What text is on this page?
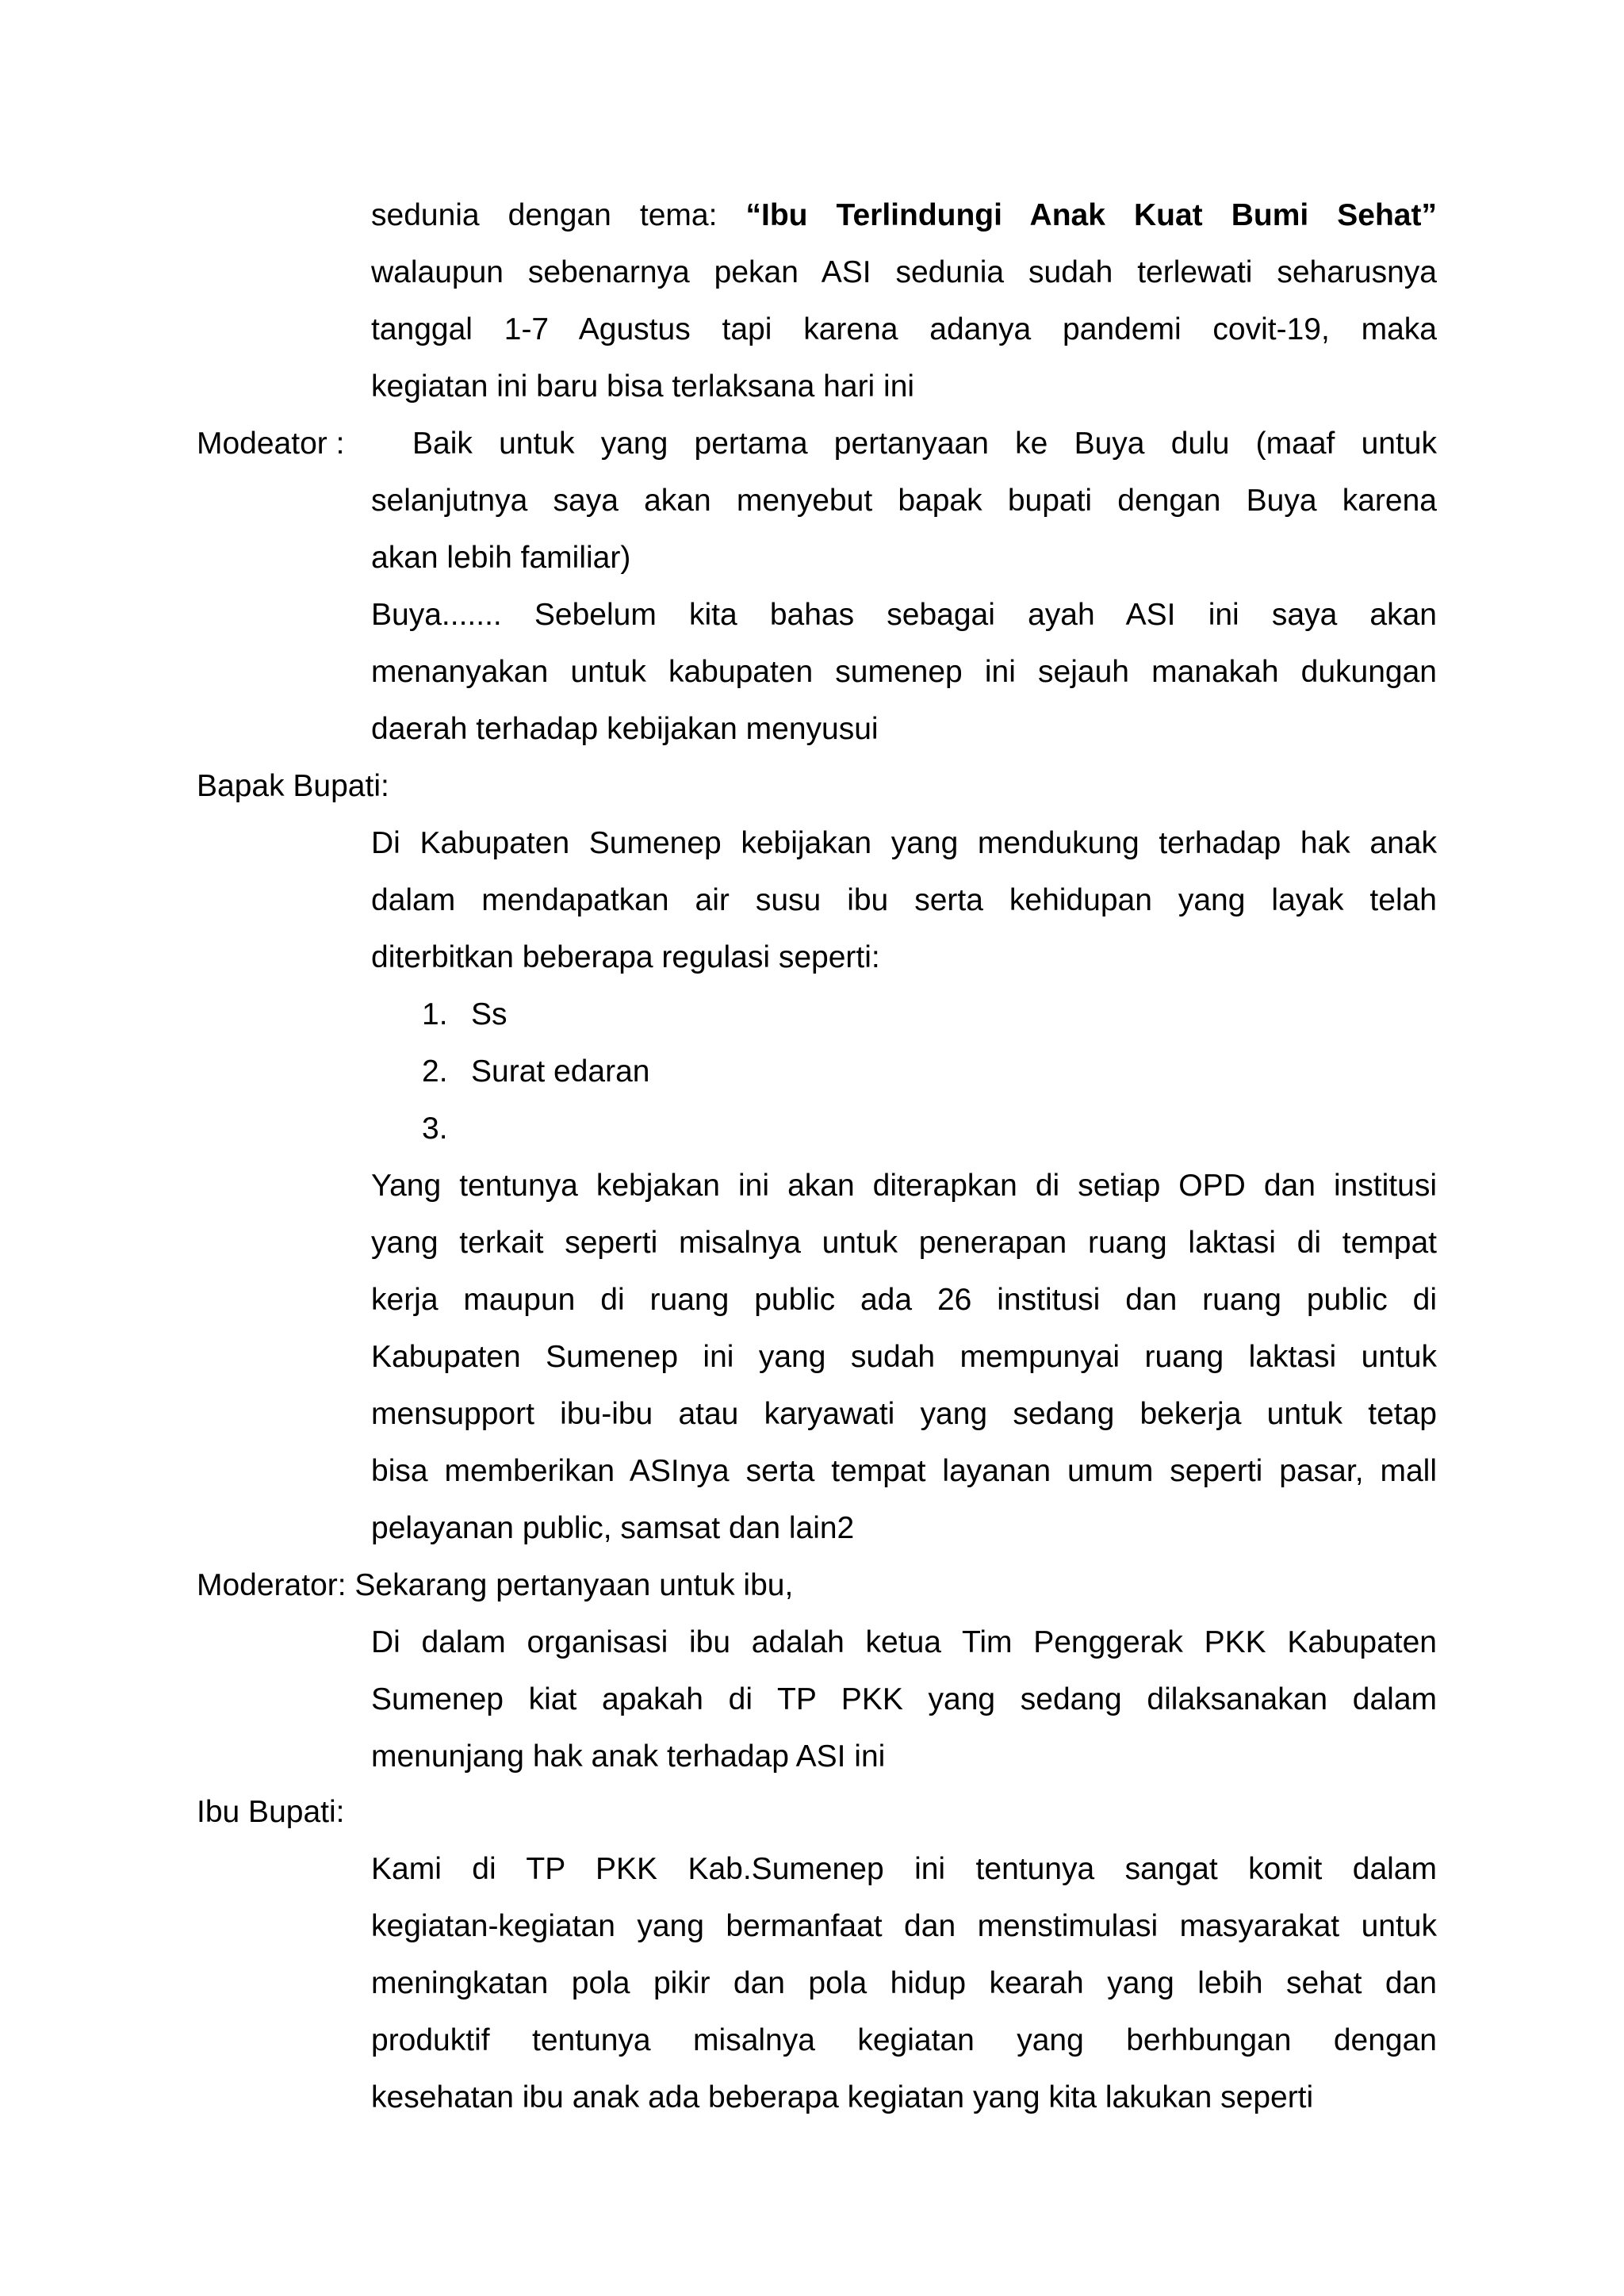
sedunia dengan tema: “Ibu Terlindungi Anak Kuat Bumi Sehat”
walaupun sebenarnya pekan ASI sedunia sudah terlewati seharusnya
tanggal 1-7 Agustus tapi karena adanya pandemi covit-19, maka
kegiatan ini baru bisa terlaksana hari ini
Modeator : Baik untuk yang pertama pertanyaan ke Buya dulu (maaf untuk
selanjutnya saya akan menyebut bapak bupati dengan Buya karena
akan lebih familiar)
Buya....... Sebelum kita bahas sebagai ayah ASI ini saya akan
menanyakan untuk kabupaten sumenep ini sejauh manakah dukungan
daerah terhadap kebijakan menyusui
Bapak Bupati:
Di Kabupaten Sumenep kebijakan yang mendukung terhadap hak anak
dalam mendapatkan air susu ibu serta kehidupan yang layak telah
diterbitkan beberapa regulasi seperti:
1. Ss
2. Surat edaran
3.
Yang tentunya kebjakan ini akan diterapkan di setiap OPD dan institusi
yang terkait seperti misalnya untuk penerapan ruang laktasi di tempat
kerja maupun di ruang public ada 26 institusi dan ruang public di
Kabupaten Sumenep ini yang sudah mempunyai ruang laktasi untuk
mensupport ibu-ibu atau karyawati yang sedang bekerja untuk tetap
bisa memberikan ASInya serta tempat layanan umum seperti pasar, mall
pelayanan public, samsat dan lain2
Moderator: Sekarang pertanyaan untuk ibu,
Di dalam organisasi ibu adalah ketua Tim Penggerak PKK Kabupaten
Sumenep kiat apakah di TP PKK yang sedang dilaksanakan dalam
menunjang hak anak terhadap ASI ini
Ibu Bupati:
Kami di TP PKK Kab.Sumenep ini tentunya sangat komit dalam
kegiatan-kegiatan yang bermanfaat dan menstimulasi masyarakat untuk
meningkatan pola pikir dan pola hidup kearah yang lebih sehat dan
produktif tentunya misalnya kegiatan yang berhbungan dengan
kesehatan ibu anak ada beberapa kegiatan yang kita lakukan seperti
